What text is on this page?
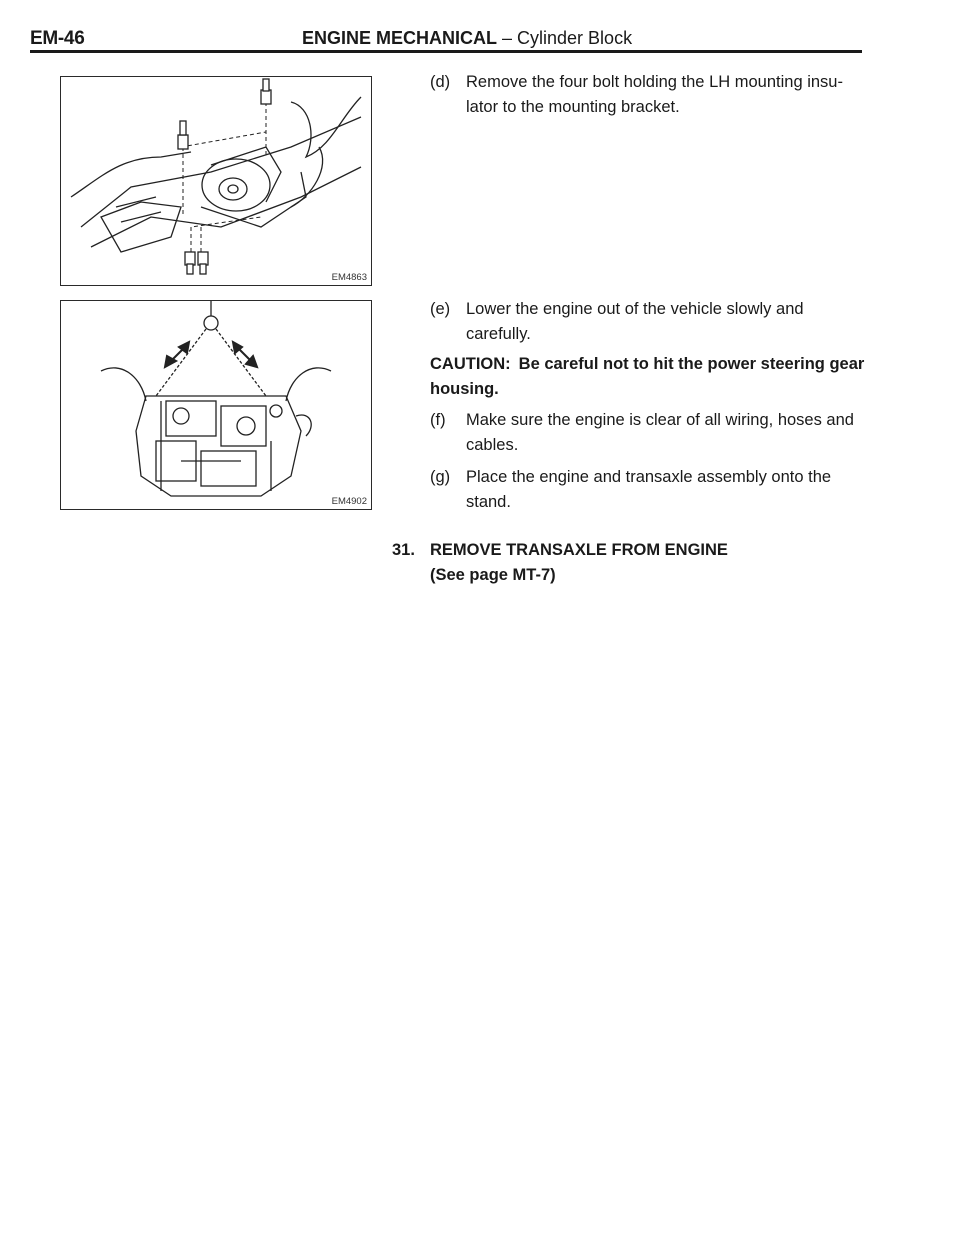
EM-46	ENGINE MECHANICAL – Cylinder Block
EM4863
EM4902
(d) Remove the four bolt holding the LH mounting insu- lator to the mounting bracket.
(e) Lower the engine out of the vehicle slowly and carefully.
CAUTION: Be careful not to hit the power steering gear housing.
(f)	Make sure the engine is clear of all wiring, hoses and cables.
(g) Place the engine and transaxle assembly onto the stand.
31. REMOVE TRANSAXLE FROM ENGINE
(See page MT-7)
